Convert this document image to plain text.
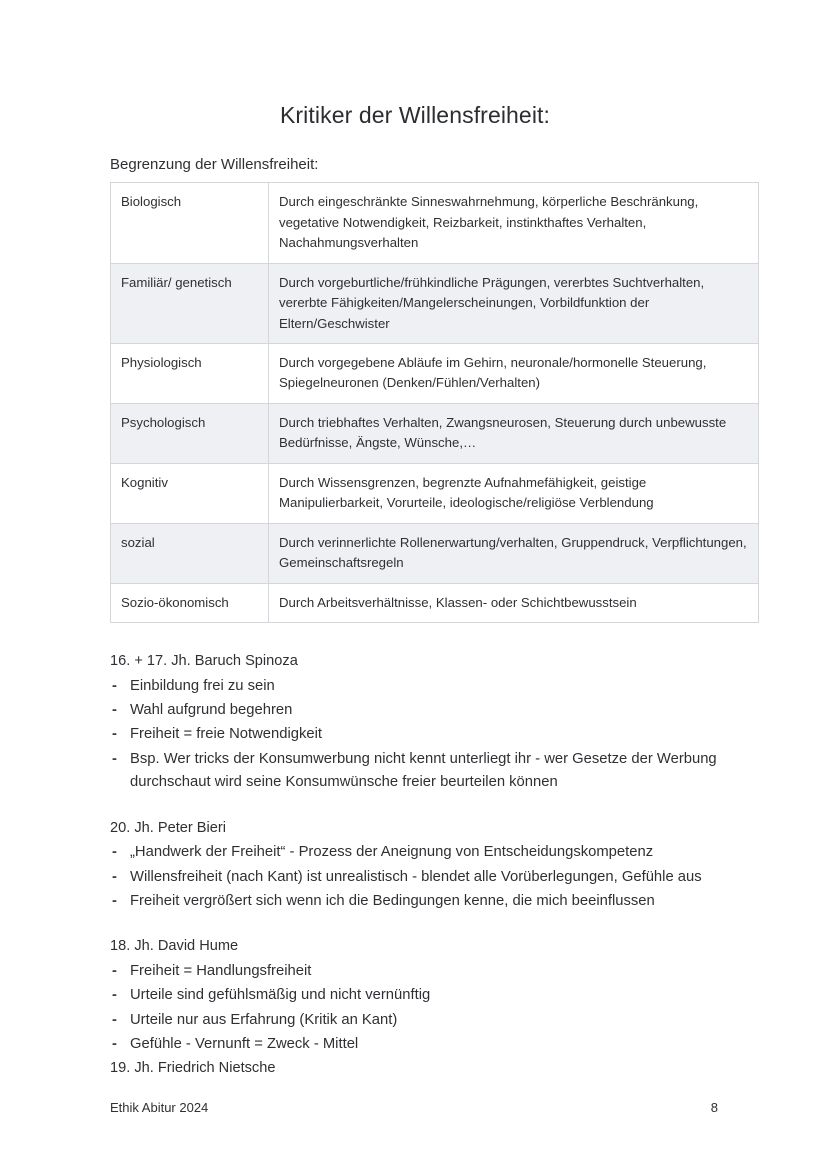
Kritiker der Willensfreiheit:
Begrenzung der Willensfreiheit:
Biologisch	Durch eingeschränkte Sinneswahrnehmung, körperliche Beschränkung, vegetative Notwendigkeit, Reizbarkeit, instinkthaftes Verhalten, Nachahmungsverhalten
Familiär/ genetisch	Durch vorgeburtliche/frühkindliche Prägungen, vererbtes Suchtverhalten, vererbte Fähigkeiten/Mangelerscheinungen, Vorbildfunktion der Eltern/Geschwister
Physiologisch	Durch vorgegebene Abläufe im Gehirn, neuronale/hormonelle Steuerung, Spiegelneuronen (Denken/Fühlen/Verhalten)
Psychologisch	Durch triebhaftes Verhalten, Zwangsneurosen, Steuerung durch unbewusste Bedürfnisse, Ängste, Wünsche,…
Kognitiv	Durch Wissensgrenzen, begrenzte Aufnahmefähigkeit, geistige Manipulierbarkeit, Vorurteile, ideologische/religiöse Verblendung
sozial	Durch verinnerlichte Rollenerwartung/verhalten, Gruppendruck, Verpflichtungen, Gemeinschaftsregeln
Sozio-ökonomisch	Durch Arbeitsverhältnisse, Klassen- oder Schichtbewusstsein
16. + 17. Jh. Baruch Spinoza
- Einbildung frei zu sein
- Wahl aufgrund begehren
- Freiheit = freie Notwendigkeit
- Bsp. Wer tricks der Konsumwerbung nicht kennt unterliegt ihr - wer Gesetze der Werbung durchschaut wird seine Konsumwünsche freier beurteilen können
20. Jh. Peter Bieri
- „Handwerk der Freiheit“ - Prozess der Aneignung von Entscheidungskompetenz
- Willensfreiheit (nach Kant) ist unrealistisch - blendet alle Vorüberlegungen, Gefühle aus
- Freiheit vergrößert sich wenn ich die Bedingungen kenne, die mich beeinflussen
18. Jh. David Hume
- Freiheit = Handlungsfreiheit
- Urteile sind gefühlsmäßig und nicht vernünftig
- Urteile nur aus Erfahrung (Kritik an Kant)
- Gefühle - Vernunft = Zweck - Mittel
19. Jh. Friedrich Nietsche
Ethik Abitur 2024	8
